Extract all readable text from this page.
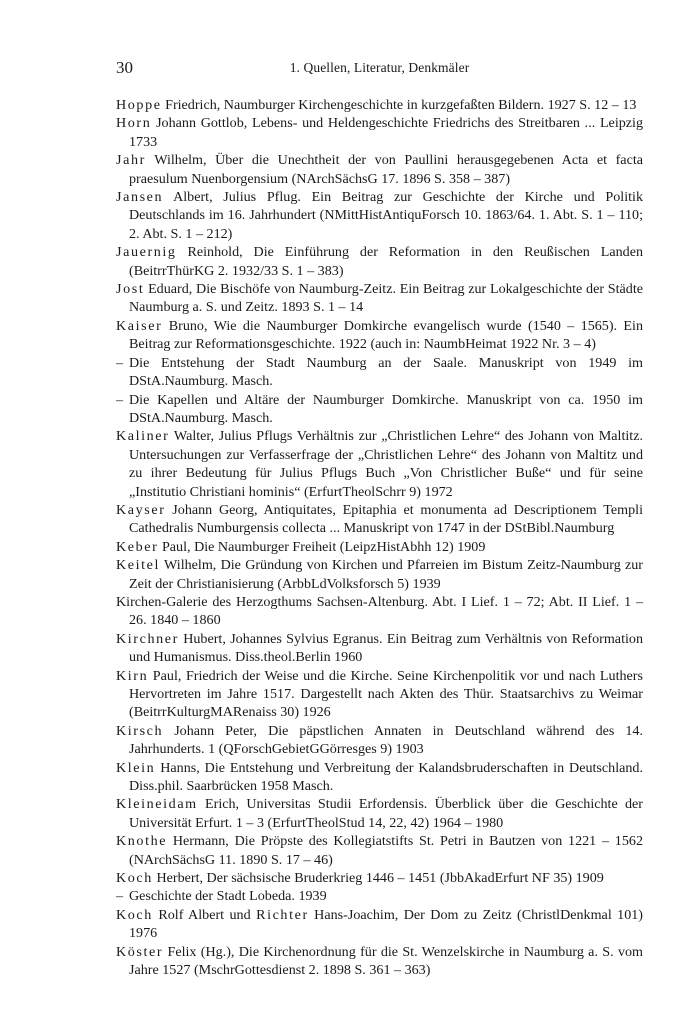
30	1. Quellen, Literatur, Denkmäler
Hoppe Friedrich, Naumburger Kirchengeschichte in kurzgefaßten Bildern. 1927 S. 12 – 13
Horn Johann Gottlob, Lebens- und Heldengeschichte Friedrichs des Streitbaren ... Leipzig 1733
Jahr Wilhelm, Über die Unechtheit der von Paullini herausgegebenen Acta et facta praesulum Nuenborgensium (NArchSächsG 17. 1896 S. 358 – 387)
Jansen Albert, Julius Pflug. Ein Beitrag zur Geschichte der Kirche und Politik Deutschlands im 16. Jahrhundert (NMittHistAntiquForsch 10. 1863/64. 1. Abt. S. 1 – 110; 2. Abt. S. 1 – 212)
Jauernig Reinhold, Die Einführung der Reformation in den Reußischen Landen (BeitrrThürKG 2. 1932/33 S. 1 – 383)
Jost Eduard, Die Bischöfe von Naumburg-Zeitz. Ein Beitrag zur Lokalgeschichte der Städte Naumburg a. S. und Zeitz. 1893 S. 1 – 14
Kaiser Bruno, Wie die Naumburger Domkirche evangelisch wurde (1540 – 1565). Ein Beitrag zur Reformationsgeschichte. 1922 (auch in: NaumbHeimat 1922 Nr. 3 – 4)
– Die Entstehung der Stadt Naumburg an der Saale. Manuskript von 1949 im DStA.Naumburg. Masch.
– Die Kapellen und Altäre der Naumburger Domkirche. Manuskript von ca. 1950 im DStA.Naumburg. Masch.
Kaliner Walter, Julius Pflugs Verhältnis zur „Christlichen Lehre“ des Johann von Maltitz. Untersuchungen zur Verfasserfrage der „Christlichen Lehre“ des Johann von Maltitz und zu ihrer Bedeutung für Julius Pflugs Buch „Von Christlicher Buße“ und für seine „Institutio Christiani hominis“ (ErfurtTheolSchrr 9) 1972
Kayser Johann Georg, Antiquitates, Epitaphia et monumenta ad Descriptionem Templi Cathedralis Numburgensis collecta ... Manuskript von 1747 in der DStBibl.Naumburg
Keber Paul, Die Naumburger Freiheit (LeipzHistAbhh 12) 1909
Keitel Wilhelm, Die Gründung von Kirchen und Pfarreien im Bistum Zeitz-Naumburg zur Zeit der Christianisierung (ArbbLdVolksforsch 5) 1939
Kirchen-Galerie des Herzogthums Sachsen-Altenburg. Abt. I Lief. 1 – 72; Abt. II Lief. 1 – 26. 1840 – 1860
Kirchner Hubert, Johannes Sylvius Egranus. Ein Beitrag zum Verhältnis von Reformation und Humanismus. Diss.theol.Berlin 1960
Kirn Paul, Friedrich der Weise und die Kirche. Seine Kirchenpolitik vor und nach Luthers Hervortreten im Jahre 1517. Dargestellt nach Akten des Thür. Staatsarchivs zu Weimar (BeitrrKulturgMARenaiss 30) 1926
Kirsch Johann Peter, Die päpstlichen Annaten in Deutschland während des 14. Jahrhunderts. 1 (QForschGebietGGörresges 9) 1903
Klein Hanns, Die Entstehung und Verbreitung der Kalandsbruderschaften in Deutschland. Diss.phil. Saarbrücken 1958 Masch.
Kleineidam Erich, Universitas Studii Erfordensis. Überblick über die Geschichte der Universität Erfurt. 1 – 3 (ErfurtTheolStud 14, 22, 42) 1964 – 1980
Knothe Hermann, Die Pröpste des Kollegiatstifts St. Petri in Bautzen von 1221 – 1562 (NArchSächsG 11. 1890 S. 17 – 46)
Koch Herbert, Der sächsische Bruderkrieg 1446 – 1451 (JbbAkadErfurt NF 35) 1909
– Geschichte der Stadt Lobeda. 1939
Koch Rolf Albert und Richter Hans-Joachim, Der Dom zu Zeitz (ChristlDenkmal 101) 1976
Köster Felix (Hg.), Die Kirchenordnung für die St. Wenzelskirche in Naumburg a. S. vom Jahre 1527 (MschrGottesdienst 2. 1898 S. 361 – 363)
